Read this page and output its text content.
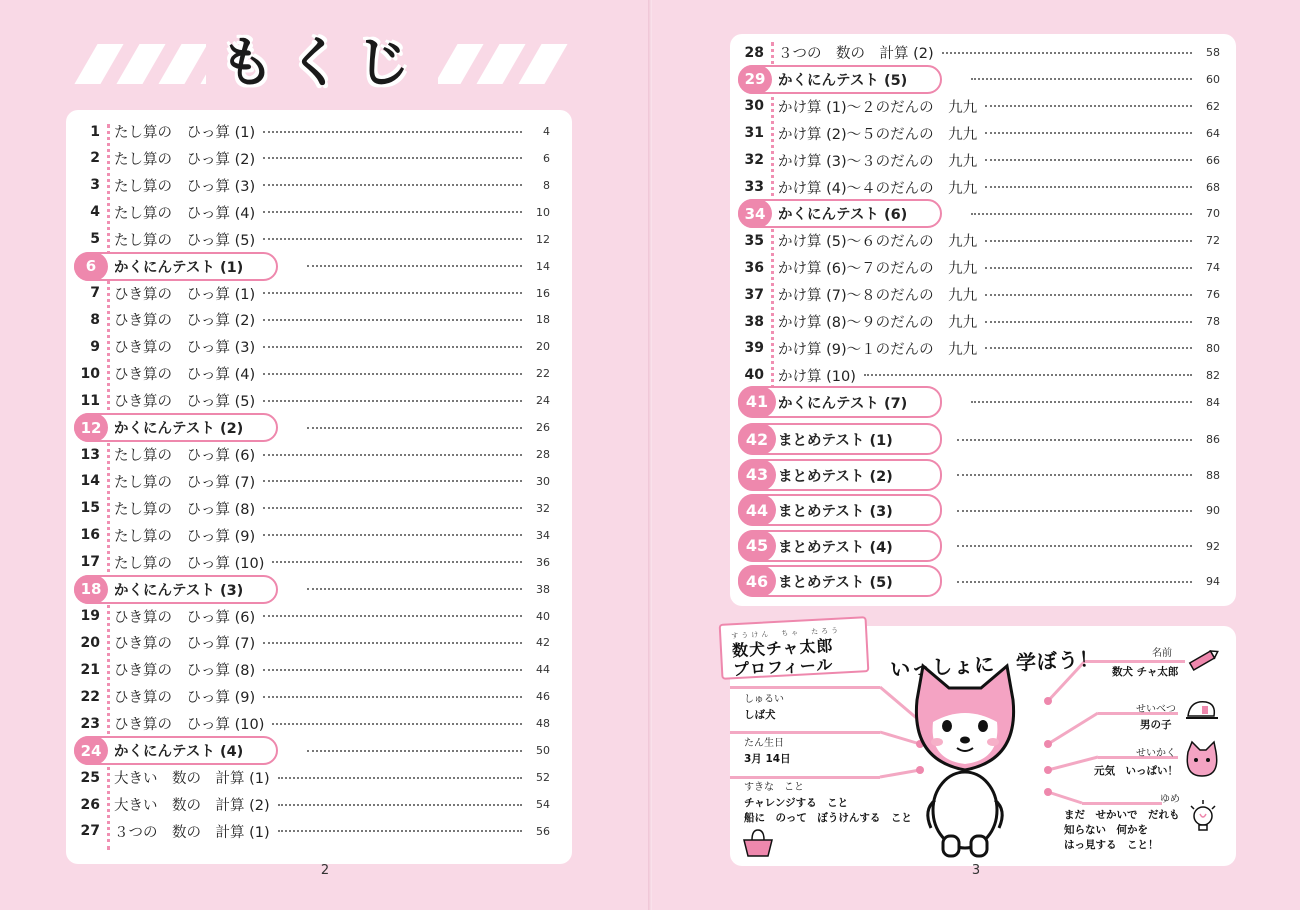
もくじ
1 たし算の　ひっ算 (1)	4
2 たし算の　ひっ算 (2)	6
3 たし算の　ひっ算 (3)	8
4 たし算の　ひっ算 (4)	10
5 たし算の　ひっ算 (5)	12
6	かくにんテスト (1)	14
7 ひき算の　ひっ算 (1)	16
8 ひき算の　ひっ算 (2)	18
9 ひき算の　ひっ算 (3)	20
10 ひき算の　ひっ算 (4)	22
11 ひき算の　ひっ算 (5)	24
12 かくにんテスト (2)	26
13 たし算の　ひっ算 (6)	28
14 たし算の　ひっ算 (7)	30
15 たし算の　ひっ算 (8)	32
16 たし算の　ひっ算 (9)	34
17 たし算の　ひっ算 (10)	36
18 かくにんテスト (3)	38
19 ひき算の　ひっ算 (6)	40
20 ひき算の　ひっ算 (7)	42
21 ひき算の　ひっ算 (8)	44
22 ひき算の　ひっ算 (9)	46
23 ひき算の　ひっ算 (10)	48
24 かくにんテスト (4)	50
25 大きい　数の　計算 (1)	52
26 大きい　数の　計算 (2)	54
27 ３つの　数の　計算 (1)	56
28 ３つの　数の　計算 (2)	58
29 かくにんテスト (5)	60
30 かけ算 (1)～２のだんの　九九	62
31 かけ算 (2)～５のだんの　九九	64
32 かけ算 (3)～３のだんの　九九	66
33 かけ算 (4)～４のだんの　九九	68
34 かくにんテスト (6)	70
35 かけ算 (5)～６のだんの　九九	72
36 かけ算 (6)～７のだんの　九九	74
37 かけ算 (7)～８のだんの　九九	76
38 かけ算 (8)～９のだんの　九九	78
39 かけ算 (9)～１のだんの　九九	80
40 かけ算 (10)	82
41 かくにんテスト (7)	84
42 まとめテスト (1)	86
43 まとめテスト (2)	88
44 まとめテスト (3)	90
45 まとめテスト (4)	92
46 まとめテスト (5)	94
すうけん　ちゃ　たろう
数犬チャ太郎
プロフィール	いっしょに　学ぼう！
しゅるい
しば犬
たん生日
3月 14日
すきな　こと
チャレンジする　こと
船に　のって　ぼうけんする　こと
名前
数犬 チャ太郎
せいべつ
男の子
せいかく
元気　いっぱい！
ゆめ
まだ　せかいで　だれも
知らない　何かを
はっ見する　こと！
2	3
